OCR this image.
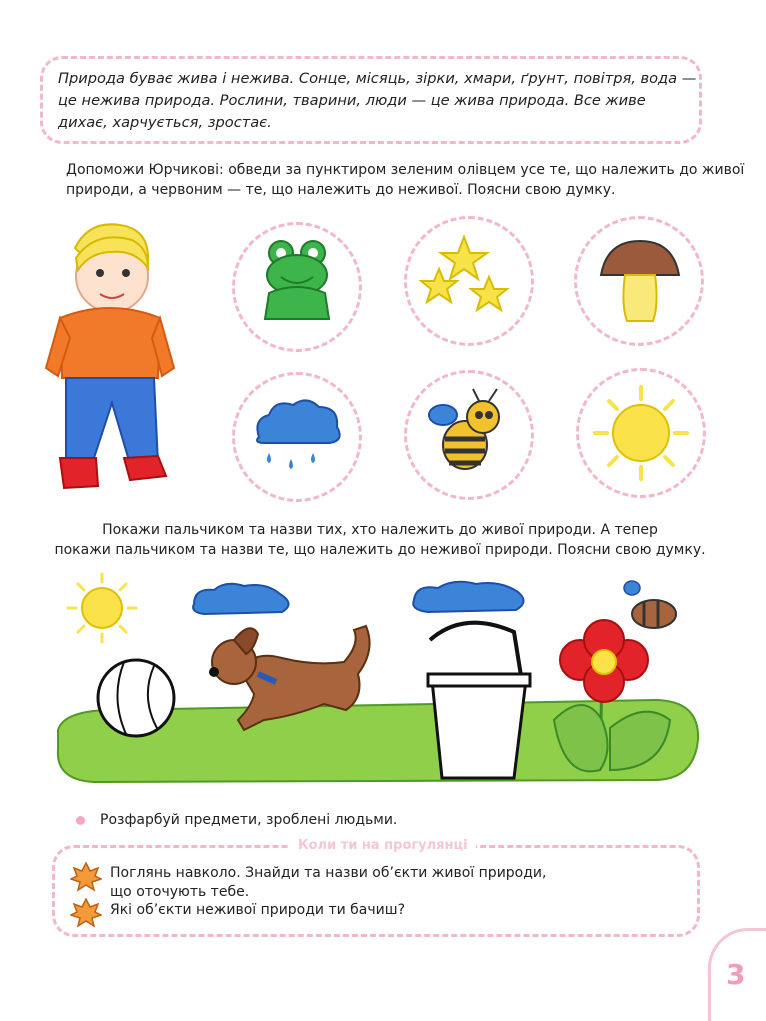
Природа буває жива і нежива. Сонце, місяць, зірки, хмари, ґрунт, повітря, вода — це нежива природа. Рослини, тварини, люди — це жива природа. Все живе дихає, харчується, зростає.
Допоможи Юрчикові: обведи за пунктиром зеленим олівцем усе те, що належить до живої природи, а червоним — те, що належить до неживої. Поясни свою думку.
Покажи пальчиком та назви тих, хто належить до живої природи. А тепер
покажи пальчиком та назви те, що належить до неживої природи. Поясни свою думку.
Розфарбуй предмети, зроблені людьми.
Коли ти на прогулянці
Поглянь навколо. Знайди та назви об’єкти живої природи,
що оточують тебе.
Які об’єкти неживої природи ти бачиш?
3
